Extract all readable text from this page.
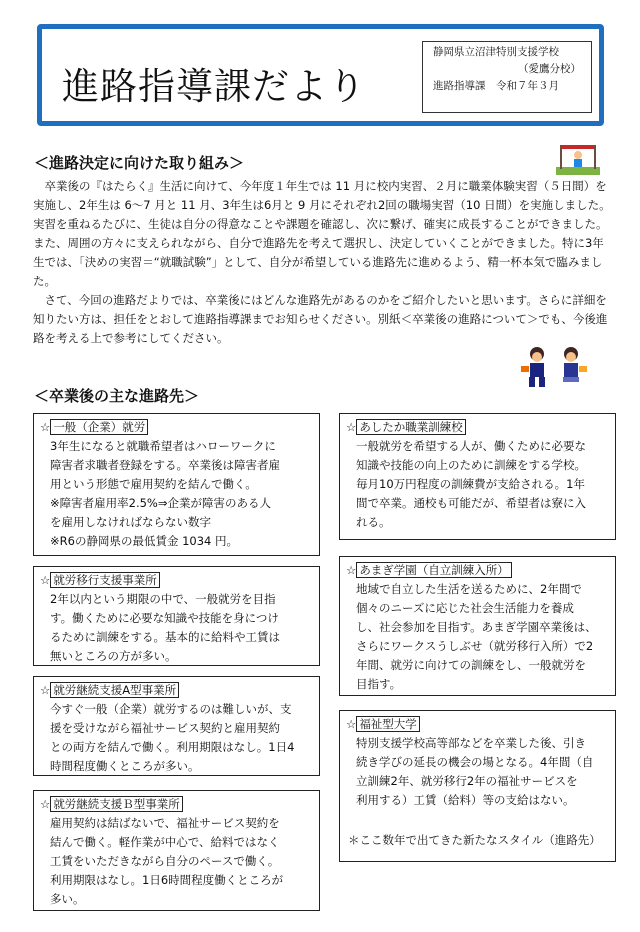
進路指導課だより
静岡県立沼津特別支援学校
（愛鷹分校）
進路指導課　令和７年３月
＜進路決定に向けた取り組み＞

卒業後の『はたらく』生活に向けて、今年度１年生では 11 月に校内実習、２月に職業体験実習（５日間）を実施し、2年生は 6～7 月と 11 月、3年生は6月と 9 月にそれぞれ2回の職場実習（10 日間）を実施しました。実習を重ねるたびに、生徒は自分の得意なことや課題を確認し、次に繋げ、確実に成長することができました。また、周囲の方々に支えられながら、自分で進路先を考えて選択し、決定していくことができました。特に3年生では、「決めの実習＝“就職試験”」として、自分が希望している進路先に進めるよう、精一杯本気で臨みました。

さて、今回の進路だよりでは、卒業後にはどんな進路先があるのかをご紹介したいと思います。さらに詳細を知りたい方は、担任をとおして進路指導課までお知らせください。別紙＜卒業後の進路について＞でも、今後進路を考える上で参考にしてください。

＜卒業後の主な進路先＞
☆ 一般（企業）就労
3年生になると就職希望者はハローワークに
障害者求職者登録をする。卒業後は障害者雇
用という形態で雇用契約を結んで働く。
※障害者雇用率2.5%⇒企業が障害のある人
を雇用しなければならない数字
※R6の静岡県の最低賃金 1034 円。
☆ 就労移行支援事業所
2年以内という期限の中で、一般就労を目指
す。働くために必要な知識や技能を身につけ
るために訓練をする。基本的に給料や工賃は
無いところの方が多い。
☆ 就労継続支援A型事業所
今すぐ一般（企業）就労するのは難しいが、支
援を受けながら福祉サービス契約と雇用契約
との両方を結んで働く。利用期限はなし。1日4
時間程度働くところが多い。
☆ 就労継続支援Ｂ型事業所
雇用契約は結ばないで、福祉サービス契約を
結んで働く。軽作業が中心で、給料ではなく
工賃をいただきながら自分のペースで働く。
利用期限はなし。1日6時間程度働くところが
多い。
☆ あしたか職業訓練校
一般就労を希望する人が、働くために必要な
知識や技能の向上のために訓練をする学校。
毎月10万円程度の訓練費が支給される。1年
間で卒業。通校も可能だが、希望者は寮に入
れる。
☆ あまぎ学園（自立訓練入所）
地域で自立した生活を送るために、2年間で
個々のニーズに応じた社会生活能力を養成
し、社会参加を目指す。あまぎ学園卒業後は、
さらにワークスうしぶせ（就労移行入所）で2
年間、就労に向けての訓練をし、一般就労を
目指す。
☆ 福祉型大学
特別支援学校高等部などを卒業した後、引き
続き学びの延長の機会の場となる。4年間（自
立訓練2年、就労移行2年の福祉サービスを
利用する）工賃（給料）等の支給はない。
＊ここ数年で出てきた新たなスタイル（進路先）
